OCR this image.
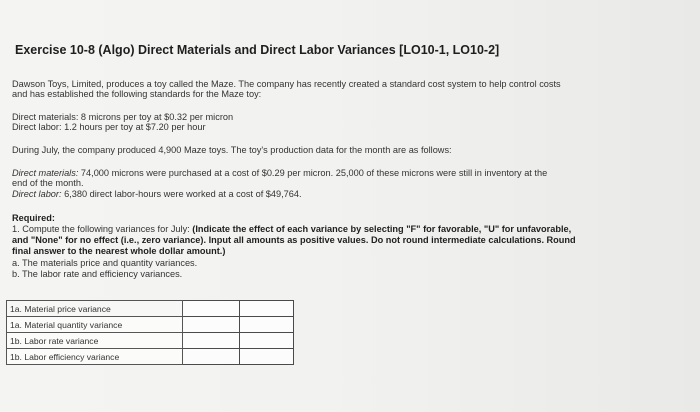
Exercise 10-8 (Algo) Direct Materials and Direct Labor Variances [LO10-1, LO10-2]
Dawson Toys, Limited, produces a toy called the Maze. The company has recently created a standard cost system to help control costs
and has established the following standards for the Maze toy:
Direct materials: 8 microns per toy at $0.32 per micron
Direct labor: 1.2 hours per toy at $7.20 per hour
During July, the company produced 4,900 Maze toys. The toy's production data for the month are as follows:
Direct materials: 74,000 microns were purchased at a cost of $0.29 per micron. 25,000 of these microns were still in inventory at the
end of the month.
Direct labor: 6,380 direct labor-hours were worked at a cost of $49,764.
Required:
1. Compute the following variances for July: (Indicate the effect of each variance by selecting "F" for favorable, "U" for unfavorable,
and "None" for no effect (i.e., zero variance). Input all amounts as positive values. Do not round intermediate calculations. Round
final answer to the nearest whole dollar amount.)
a. The materials price and quantity variances.
b. The labor rate and efficiency variances.
1a. Material price variance		
1a. Material quantity variance		
1b. Labor rate variance		
1b. Labor efficiency variance		
